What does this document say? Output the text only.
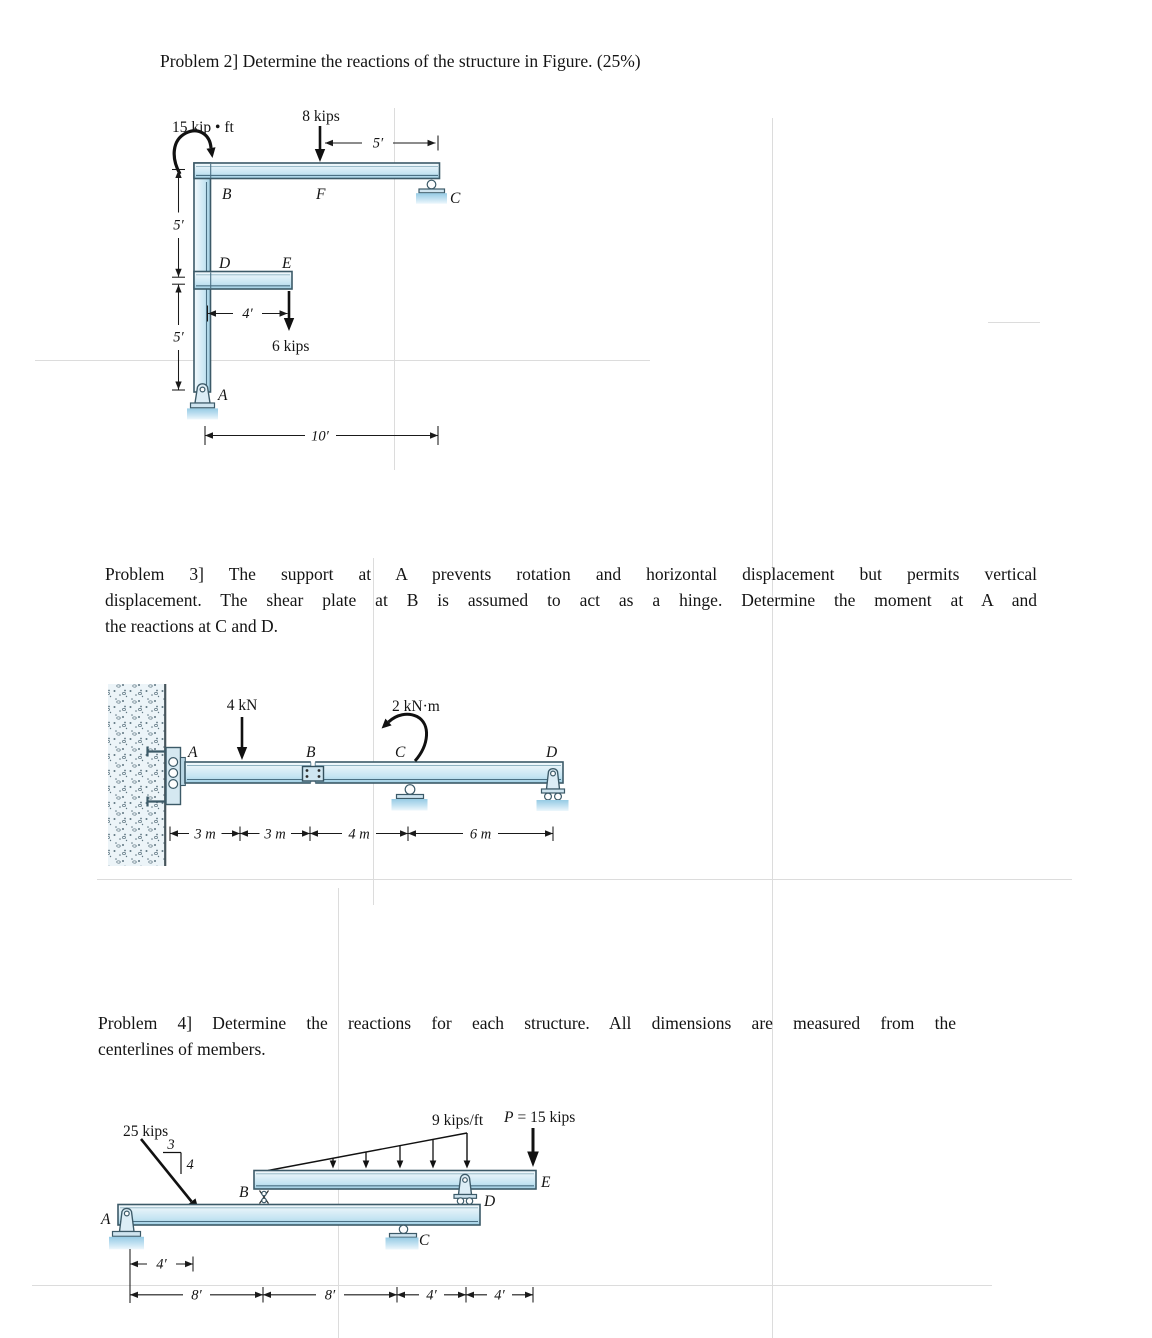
Problem 2] Determine the reactions of the structure in Figure. (25%)
Problem 3] The support at A prevents rotation and horizontal displacement but permits vertical
displacement. The shear plate at B is assumed to act as a hinge. Determine the moment at A and
the reactions at C and D.
Problem 4] Determine the reactions for each structure. All dimensions are measured from the
centerlines of members.
15 kip • ft
8 kips
5′
5′
5′
4′
6 kips
10′
B	F	C
D	E
A
4 kN	2 kN·m
A	B	C	D
3 m	3 m	4 m	6 m
9 kips/ft P = 15 kips
25 kips
3
4
A
B
C
D
E
4′
8′	8′	4′	4′
